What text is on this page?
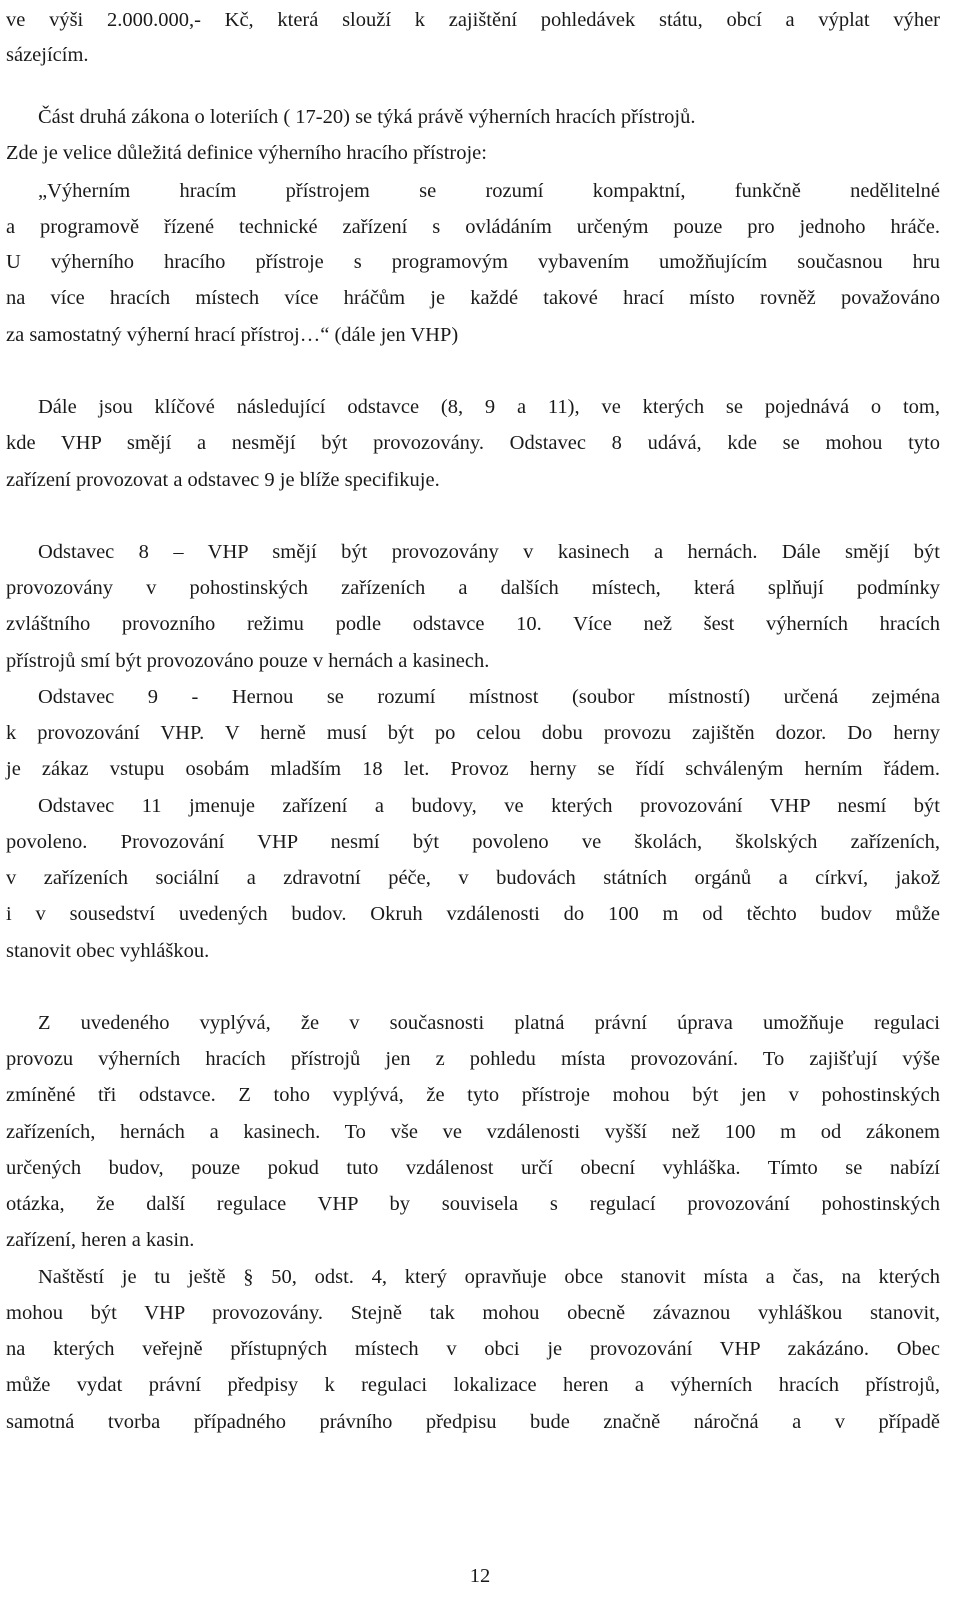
ve výši 2.000.000,- Kč, která slouží k zajištění pohledávek státu, obcí a výplat výher
sázejícím.
Část druhá zákona o loteriích ( 17-20) se týká právě výherních hracích přístrojů.
Zde je velice důležitá definice výherního hracího přístroje:
„Výherním hracím přístrojem se rozumí kompaktní, funkčně nedělitelné
a programově řízené technické zařízení s ovládáním určeným pouze pro jednoho hráče.
U výherního hracího přístroje s programovým vybavením umožňujícím současnou hru
na více hracích místech více hráčům je každé takové hrací místo rovněž považováno
za samostatný výherní hrací přístroj…“ (dále jen VHP)
Dále jsou klíčové následující odstavce (8, 9 a 11), ve kterých se pojednává o tom,
kde VHP smějí a nesmějí být provozovány. Odstavec 8 udává, kde se mohou tyto
zařízení provozovat a odstavec 9 je blíže specifikuje.
Odstavec 8 – VHP smějí být provozovány v kasinech a hernách. Dále smějí být
provozovány v pohostinských zařízeních a dalších místech, která splňují podmínky
zvláštního provozního režimu podle odstavce 10. Více než šest výherních hracích
přístrojů smí být provozováno pouze v hernách a kasinech.
Odstavec 9 - Hernou se rozumí místnost (soubor místností) určená zejména
k provozování VHP. V herně musí být po celou dobu provozu zajištěn dozor. Do herny
je zákaz vstupu osobám mladším 18 let. Provoz herny se řídí schváleným herním řádem.
Odstavec 11 jmenuje zařízení a budovy, ve kterých provozování VHP nesmí být
povoleno. Provozování VHP nesmí být povoleno ve školách, školských zařízeních,
v zařízeních sociální a zdravotní péče, v budovách státních orgánů a církví, jakož
i v sousedství uvedených budov. Okruh vzdálenosti do 100 m od těchto budov může
stanovit obec vyhláškou.
Z uvedeného vyplývá, že v současnosti platná právní úprava umožňuje regulaci
provozu výherních hracích přístrojů jen z pohledu místa provozování. To zajišťují výše
zmíněné tři odstavce. Z toho vyplývá, že tyto přístroje mohou být jen v pohostinských
zařízeních, hernách a kasinech. To vše ve vzdálenosti vyšší než 100 m od zákonem
určených budov, pouze pokud tuto vzdálenost určí obecní vyhláška. Tímto se nabízí
otázka, že další regulace VHP by souvisela s regulací provozování pohostinských
zařízení, heren a kasin.
Naštěstí je tu ještě § 50, odst. 4, který opravňuje obce stanovit místa a čas, na kterých
mohou být VHP provozovány. Stejně tak mohou obecně závaznou vyhláškou stanovit,
na kterých veřejně přístupných místech v obci je provozování VHP zakázáno. Obec
může vydat právní předpisy k regulaci lokalizace heren a výherních hracích přístrojů,
samotná tvorba případného právního předpisu bude značně náročná a v případě
12
